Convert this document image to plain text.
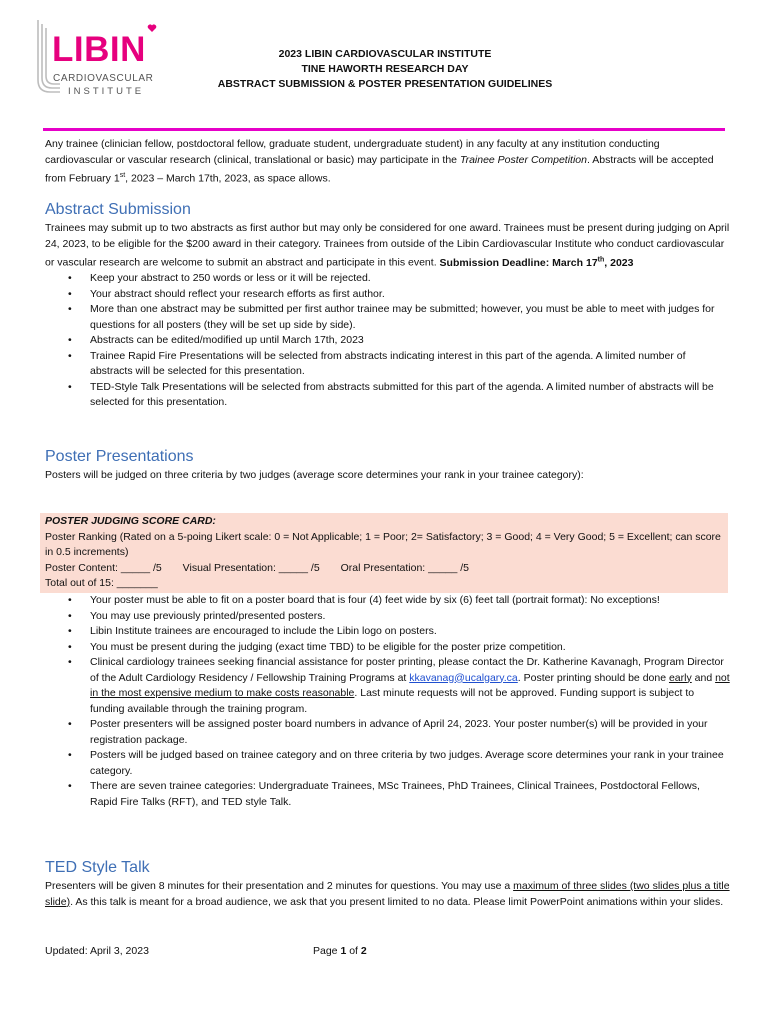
LIBIN
CARDIOVASCULAR
INSTITUTE
2023 LIBIN CARDIOVASCULAR INSTITUTE
TINE HAWORTH RESEARCH DAY
ABSTRACT SUBMISSION & POSTER PRESENTATION GUIDELINES
Any trainee (clinician fellow, postdoctoral fellow, graduate student, undergraduate student) in any faculty at any institution conducting cardiovascular or vascular research (clinical, translational or basic) may participate in the Trainee Poster Competition. Abstracts will be accepted from February 1st, 2023 – March 17th, 2023, as space allows.
Abstract Submission
Trainees may submit up to two abstracts as first author but may only be considered for one award. Trainees must be present during judging on April 24, 2023, to be eligible for the $200 award in their category. Trainees from outside of the Libin Cardiovascular Institute who conduct cardiovascular or vascular research are welcome to submit an abstract and participate in this event. Submission Deadline: March 17th, 2023
• Keep your abstract to 250 words or less or it will be rejected.
• Your abstract should reflect your research efforts as first author.
• More than one abstract may be submitted per first author trainee may be submitted; however, you must be able to meet with judges for questions for all posters (they will be set up side by side).
• Abstracts can be edited/modified up until March 17th, 2023
• Trainee Rapid Fire Presentations will be selected from abstracts indicating interest in this part of the agenda. A limited number of abstracts will be selected for this presentation.
• TED-Style Talk Presentations will be selected from abstracts submitted for this part of the agenda. A limited number of abstracts will be selected for this presentation.
Poster Presentations
Posters will be judged on three criteria by two judges (average score determines your rank in your trainee category):
POSTER JUDGING SCORE CARD:
Poster Ranking (Rated on a 5-poing Likert scale: 0 = Not Applicable; 1 = Poor; 2= Satisfactory; 3 = Good; 4 = Very Good; 5 = Excellent; can score in 0.5 increments)
Poster Content: _____ /5 Visual Presentation: _____ /5 Oral Presentation: _____ /5
Total out of 15: _______
• Your poster must be able to fit on a poster board that is four (4) feet wide by six (6) feet tall (portrait format): No exceptions!
• You may use previously printed/presented posters.
• Libin Institute trainees are encouraged to include the Libin logo on posters.
• You must be present during the judging (exact time TBD) to be eligible for the poster prize competition.
• Clinical cardiology trainees seeking financial assistance for poster printing, please contact the Dr. Katherine Kavanagh, Program Director of the Adult Cardiology Residency / Fellowship Training Programs at kkavanag@ucalgary.ca. Poster printing should be done early and not in the most expensive medium to make costs reasonable. Last minute requests will not be approved. Funding support is subject to funding available through the training program.
• Poster presenters will be assigned poster board numbers in advance of April 24, 2023. Your poster number(s) will be provided in your registration package.
• Posters will be judged based on trainee category and on three criteria by two judges. Average score determines your rank in your trainee category.
• There are seven trainee categories: Undergraduate Trainees, MSc Trainees, PhD Trainees, Clinical Trainees, Postdoctoral Fellows, Rapid Fire Talks (RFT), and TED style Talk.
TED Style Talk
Presenters will be given 8 minutes for their presentation and 2 minutes for questions. You may use a maximum of three slides (two slides plus a title slide). As this talk is meant for a broad audience, we ask that you present limited to no data. Please limit PowerPoint animations within your slides.
Updated: April 3, 2023	Page 1 of 2
